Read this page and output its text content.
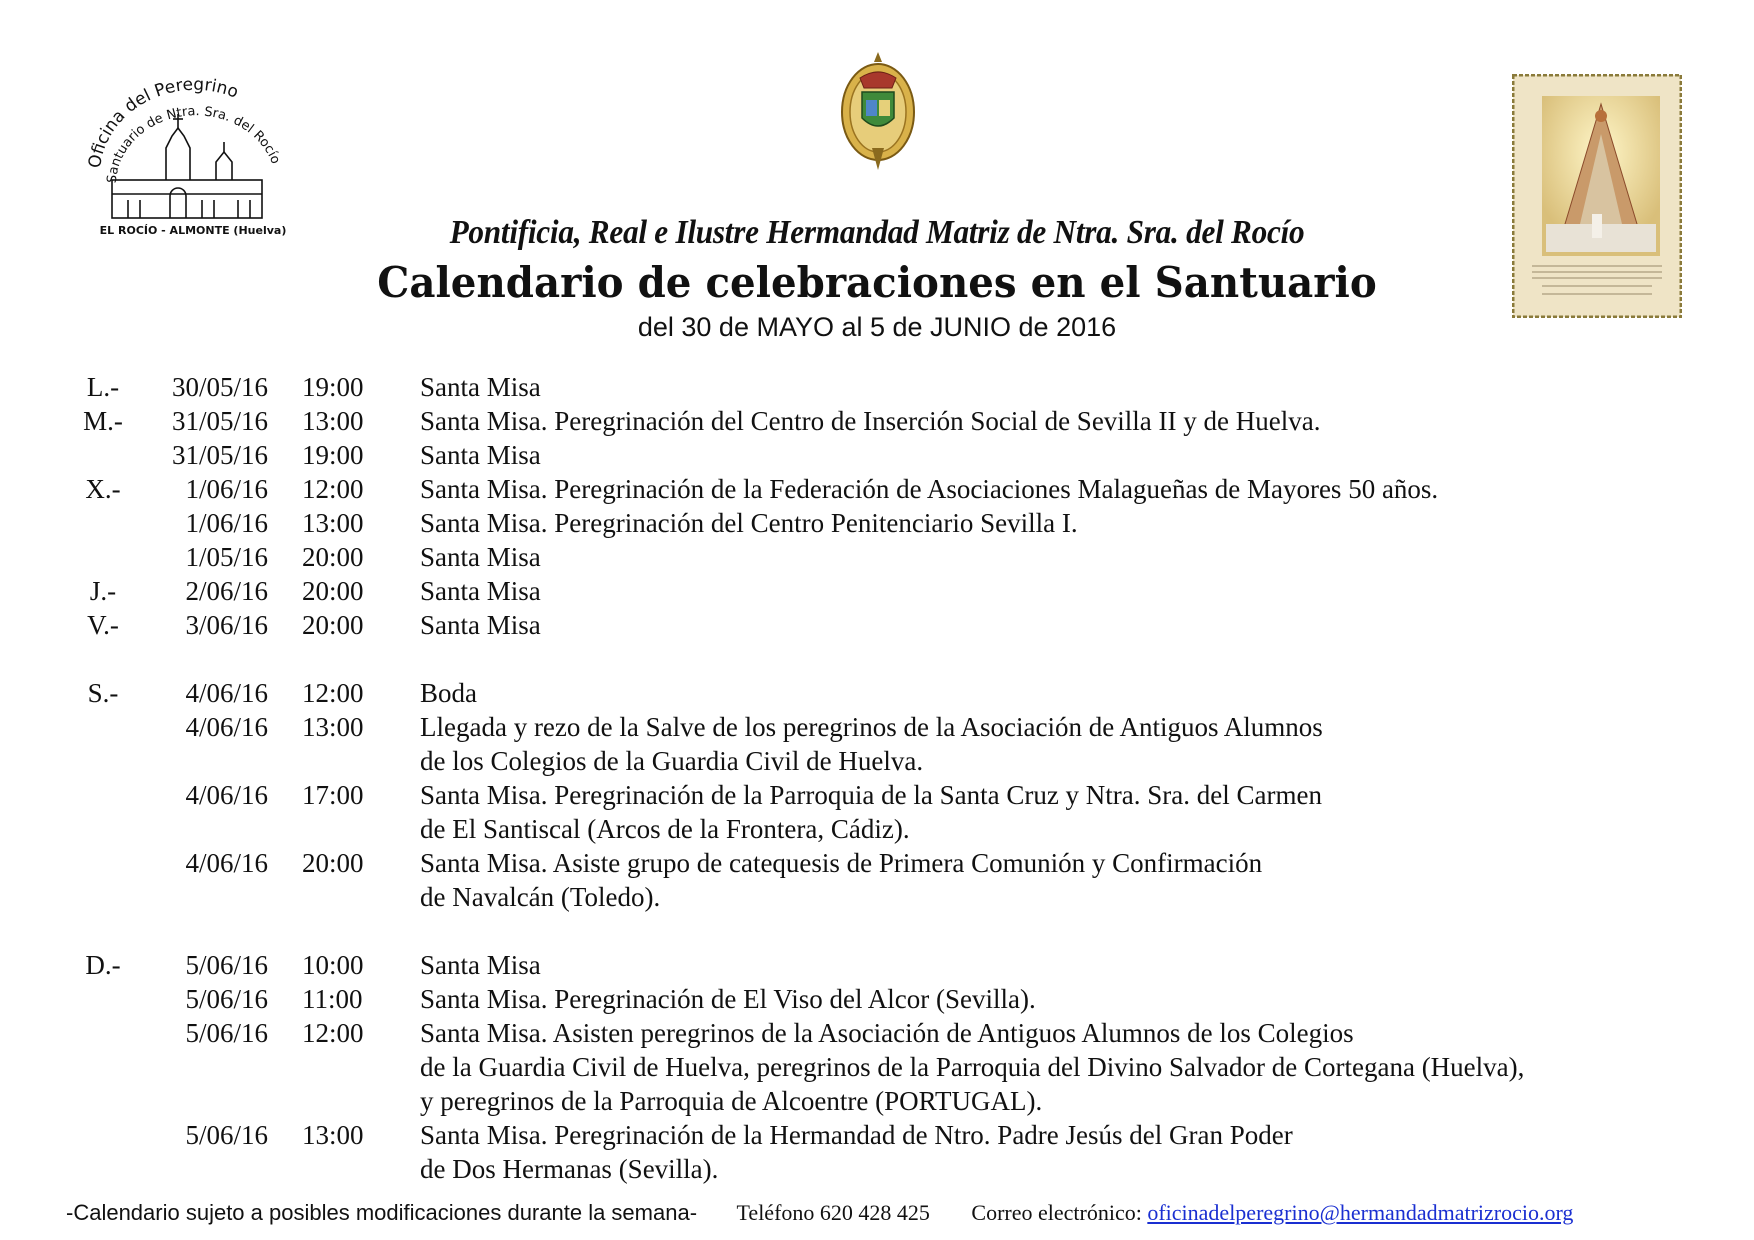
Oficina del Peregrino
Santuario de Ntra. Sra. del Rocío
EL ROCÍO - ALMONTE (Huelva)	Pontificia, Real e Ilustre Hermandad Matriz de Ntra. Sra. del Rocío
Calendario de celebraciones en el Santuario
del 30 de MAYO al 5 de JUNIO de 2016
L.-	30/05/16 19:00	Santa Misa
M.-	31/05/16 13:00	Santa Misa. Peregrinación del Centro de Inserción Social de Sevilla II y de Huelva.
31/05/16 19:00	Santa Misa
X.-	1/06/16 12:00	Santa Misa. Peregrinación de la Federación de Asociaciones Malagueñas de Mayores 50 años.
1/06/16 13:00	Santa Misa. Peregrinación del Centro Penitenciario Sevilla I.
1/05/16 20:00	Santa Misa
J.-	2/06/16 20:00	Santa Misa
V.-	3/06/16 20:00	Santa Misa
S.-	4/06/16 12:00	Boda
4/06/16 13:00	Llegada y rezo de la Salve de los peregrinos de la Asociación de Antiguos Alumnos
de los Colegios de la Guardia Civil de Huelva.
4/06/16 17:00	Santa Misa. Peregrinación de la Parroquia de la Santa Cruz y Ntra. Sra. del Carmen
de El Santiscal (Arcos de la Frontera, Cádiz).
4/06/16 20:00	Santa Misa. Asiste grupo de catequesis de Primera Comunión y Confirmación
de Navalcán (Toledo).
D.-	5/06/16 10:00	Santa Misa
5/06/16 11:00	Santa Misa. Peregrinación de El Viso del Alcor (Sevilla).
5/06/16 12:00	Santa Misa. Asisten peregrinos de la Asociación de Antiguos Alumnos de los Colegios
de la Guardia Civil de Huelva, peregrinos de la Parroquia del Divino Salvador de Cortegana (Huelva),
y peregrinos de la Parroquia de Alcoentre (PORTUGAL).
5/06/16 13:00	Santa Misa. Peregrinación de la Hermandad de Ntro. Padre Jesús del Gran Poder
de Dos Hermanas (Sevilla).
-Calendario sujeto a posibles modificaciones durante la semana- Teléfono 620 428 425 Correo electrónico: oficinadelperegrino@hermandadmatrizrocio.org
